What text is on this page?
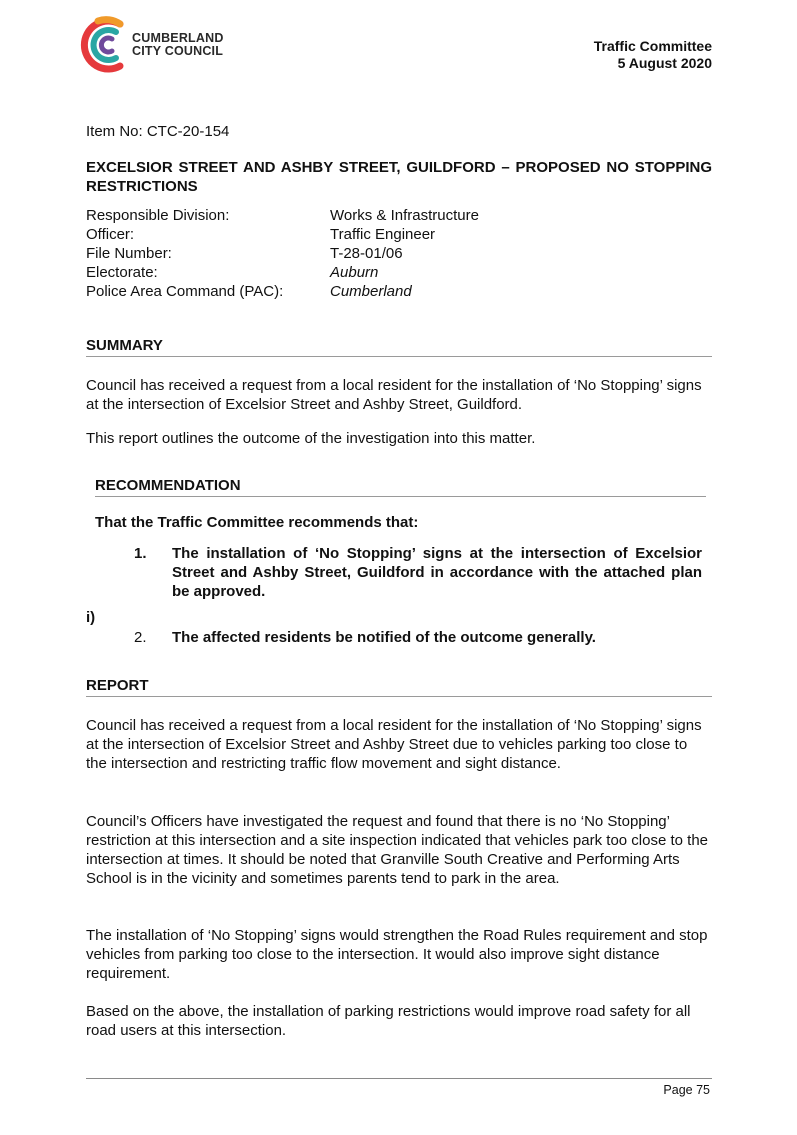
CUMBERLAND
CITY COUNCIL	Traffic Committee
5 August 2020
Item No: CTC-20-154
EXCELSIOR STREET AND ASHBY STREET, GUILDFORD – PROPOSED NO STOPPING RESTRICTIONS
Responsible Division:	Works & Infrastructure
Officer:	Traffic Engineer
File Number:	T-28-01/06
Electorate:	Auburn
Police Area Command (PAC):	Cumberland
SUMMARY

Council has received a request from a local resident for the installation of ‘No Stopping’ signs at the intersection of Excelsior Street and Ashby Street, Guildford.

This report outlines the outcome of the investigation into this matter.

RECOMMENDATION
That the Traffic Committee recommends that:
1. The installation of ‘No Stopping’ signs at the intersection of Excelsior Street and Ashby Street, Guildford in accordance with the attached plan be approved.
i)
2. The affected residents be notified of the outcome generally.
REPORT

Council has received a request from a local resident for the installation of ‘No Stopping’ signs at the intersection of Excelsior Street and Ashby Street due to vehicles parking too close to the intersection and restricting traffic flow movement and sight distance.

Council’s Officers have investigated the request and found that there is no ‘No Stopping’ restriction at this intersection and a site inspection indicated that vehicles park too close to the intersection at times. It should be noted that Granville South Creative and Performing Arts School is in the vicinity and sometimes parents tend to park in the area.

The installation of ‘No Stopping’ signs would strengthen the Road Rules requirement and stop vehicles from parking too close to the intersection. It would also improve sight distance requirement.

Based on the above, the installation of parking restrictions would improve road safety for all road users at this intersection.

Page 75
